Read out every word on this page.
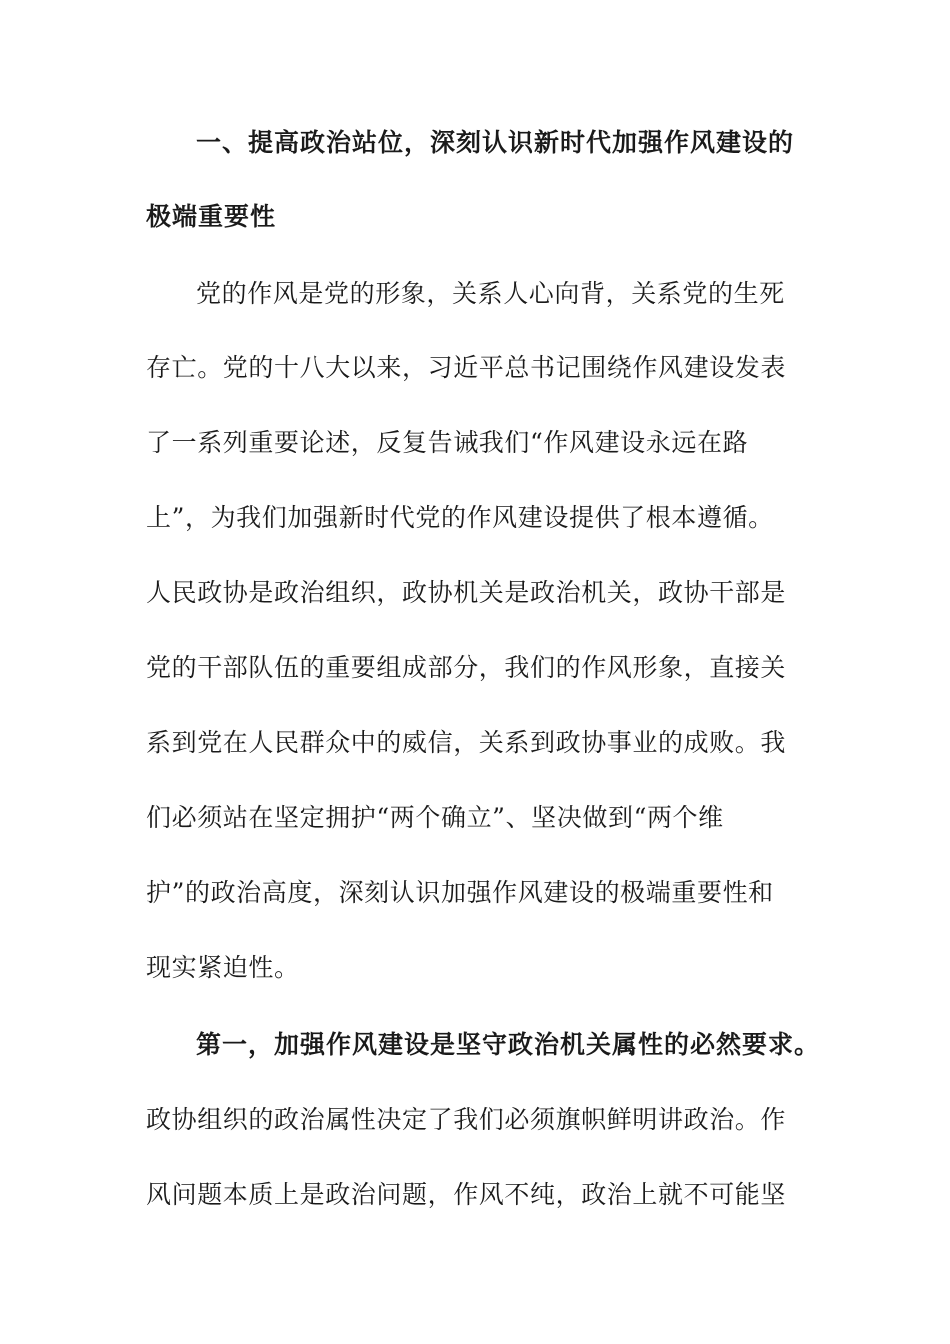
一、提高政治站位，深刻认识新时代加强作风建设的
极端重要性
党的作风是党的形象，关系人心向背，关系党的生死
存亡。党的十八大以来，习近平总书记围绕作风建设发表
了一系列重要论述，反复告诫我们“作风建设永远在路
上”，为我们加强新时代党的作风建设提供了根本遵循。
人民政协是政治组织，政协机关是政治机关，政协干部是
党的干部队伍的重要组成部分，我们的作风形象，直接关
系到党在人民群众中的威信，关系到政协事业的成败。我
们必须站在坚定拥护“两个确立”、坚决做到“两个维
护”的政治高度，深刻认识加强作风建设的极端重要性和
现实紧迫性。
第一，加强作风建设是坚守政治机关属性的必然要求。
政协组织的政治属性决定了我们必须旗帜鲜明讲政治。作
风问题本质上是政治问题，作风不纯，政治上就不可能坚
